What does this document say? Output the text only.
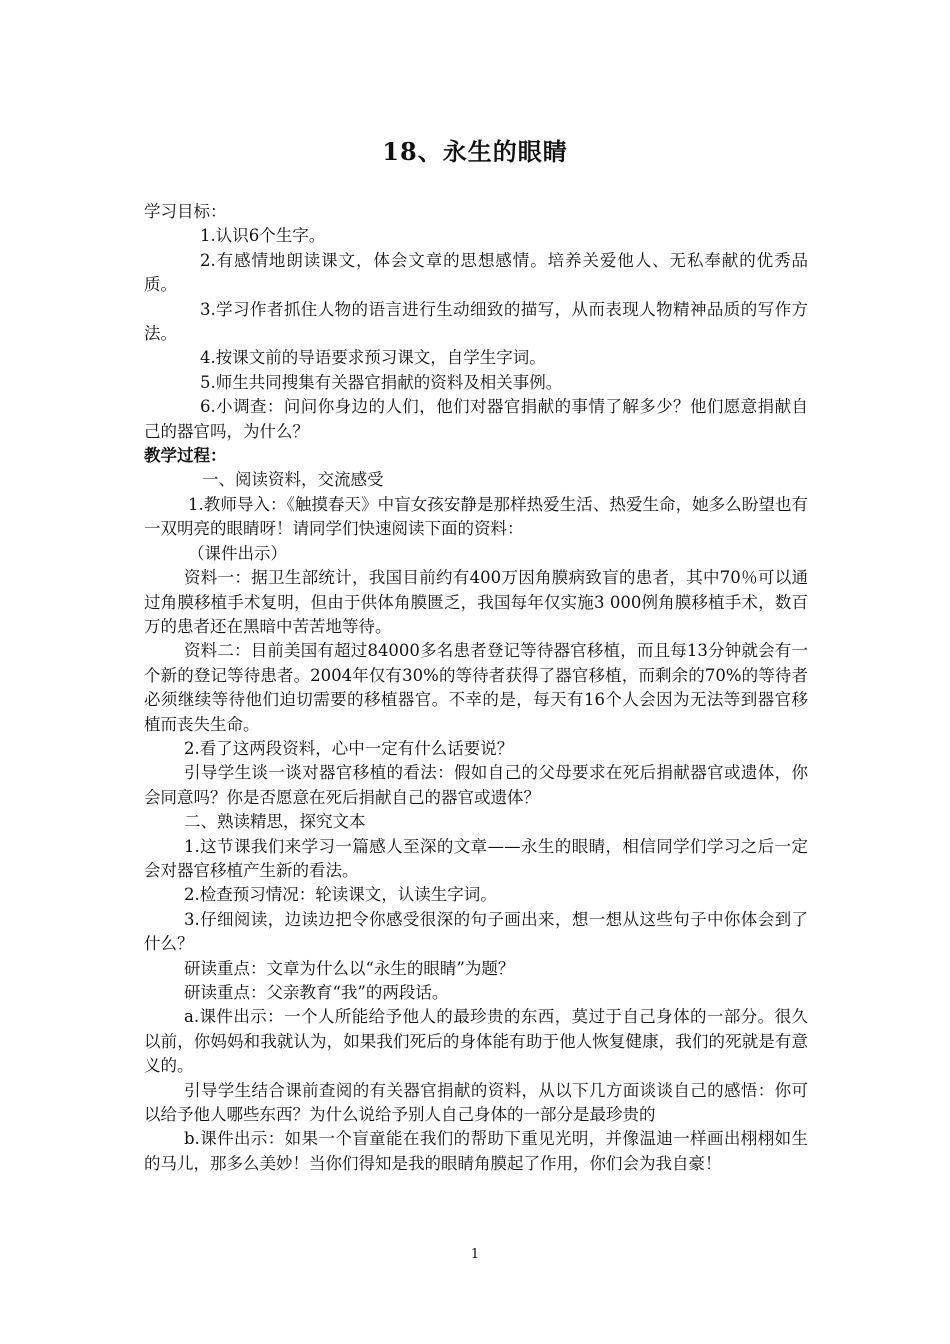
18、永生的眼睛

学习目标：

1.认识6个生字。

2.有感情地朗读课文，体会文章的思想感情。培养关爱他人、无私奉献的优秀品质。

3.学习作者抓住人物的语言进行生动细致的描写，从而表现人物精神品质的写作方法。

4.按课文前的导语要求预习课文，自学生字词。

5.师生共同搜集有关器官捐献的资料及相关事例。

6.小调查：问问你身边的人们，他们对器官捐献的事情了解多少？他们愿意捐献自己的器官吗，为什么？

教学过程：

一、阅读资料，交流感受

1.教师导入：《触摸春天》中盲女孩安静是那样热爱生活、热爱生命，她多么盼望也有一双明亮的眼睛呀！请同学们快速阅读下面的资料：

（课件出示）

资料一：据卫生部统计，我国目前约有400万因角膜病致盲的患者，其中70％可以通过角膜移植手术复明，但由于供体角膜匮乏，我国每年仅实施3 000例角膜移植手术，数百万的患者还在黑暗中苦苦地等待。

资料二：目前美国有超过84000多名患者登记等待器官移植，而且每13分钟就会有一个新的登记等待患者。2004年仅有30%的等待者获得了器官移植，而剩余的70%的等待者必须继续等待他们迫切需要的移植器官。不幸的是，每天有16个人会因为无法等到器官移植而丧失生命。

2.看了这两段资料，心中一定有什么话要说？

引导学生谈一谈对器官移植的看法：假如自己的父母要求在死后捐献器官或遗体，你会同意吗？你是否愿意在死后捐献自己的器官或遗体？

二、熟读精思，探究文本

1.这节课我们来学习一篇感人至深的文章——永生的眼睛，相信同学们学习之后一定会对器官移植产生新的看法。

2.检查预习情况：轮读课文，认读生字词。

3.仔细阅读，边读边把令你感受很深的句子画出来，想一想从这些句子中你体会到了什么？

研读重点：文章为什么以“永生的眼睛”为题？

研读重点：父亲教育“我”的两段话。

a.课件出示：一个人所能给予他人的最珍贵的东西，莫过于自己身体的一部分。很久以前，你妈妈和我就认为，如果我们死后的身体能有助于他人恢复健康，我们的死就是有意义的。

引导学生结合课前查阅的有关器官捐献的资料，从以下几方面谈谈自己的感悟：你可以给予他人哪些东西？为什么说给予别人自己身体的一部分是最珍贵的

b.课件出示：如果一个盲童能在我们的帮助下重见光明，并像温迪一样画出栩栩如生的马儿，那多么美妙！当你们得知是我的眼睛角膜起了作用，你们会为我自豪！

1
